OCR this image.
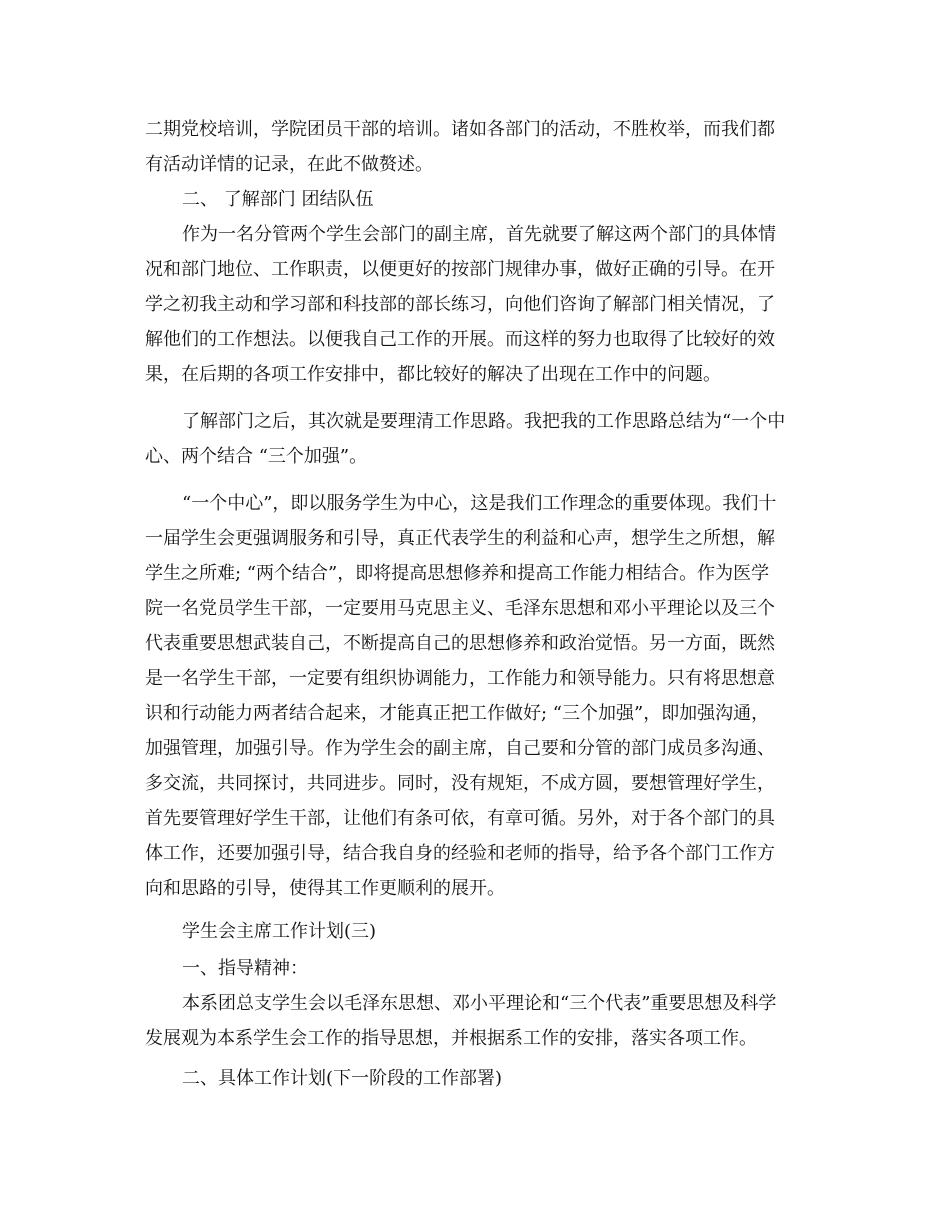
二期党校培训，学院团员干部的培训。诸如各部门的活动，不胜枚举，而我们都
有活动详情的记录，在此不做赘述。
二、 了解部门 团结队伍
作为一名分管两个学生会部门的副主席，首先就要了解这两个部门的具体情
况和部门地位、工作职责，以便更好的按部门规律办事，做好正确的引导。在开
学之初我主动和学习部和科技部的部长练习，向他们咨询了解部门相关情况，了
解他们的工作想法。以便我自己工作的开展。而这样的努力也取得了比较好的效
果，在后期的各项工作安排中，都比较好的解决了出现在工作中的问题。
了解部门之后，其次就是要理清工作思路。我把我的工作思路总结为“一个中
心、两个结合 “三个加强”。
“一个中心”，即以服务学生为中心，这是我们工作理念的重要体现。我们十
一届学生会更强调服务和引导，真正代表学生的利益和心声，想学生之所想，解
学生之所难; “两个结合”，即将提高思想修养和提高工作能力相结合。作为医学
院一名党员学生干部，一定要用马克思主义、毛泽东思想和邓小平理论以及三个
代表重要思想武装自己，不断提高自己的思想修养和政治觉悟。另一方面，既然
是一名学生干部，一定要有组织协调能力，工作能力和领导能力。只有将思想意
识和行动能力两者结合起来，才能真正把工作做好; “三个加强”，即加强沟通，
加强管理，加强引导。作为学生会的副主席，自己要和分管的部门成员多沟通、
多交流，共同探讨，共同进步。同时，没有规矩，不成方圆，要想管理好学生，
首先要管理好学生干部，让他们有条可依，有章可循。另外，对于各个部门的具
体工作，还要加强引导，结合我自身的经验和老师的指导，给予各个部门工作方
向和思路的引导，使得其工作更顺利的展开。
学生会主席工作计划(三)
一、指导精神：
本系团总支学生会以毛泽东思想、邓小平理论和“三个代表”重要思想及科学
发展观为本系学生会工作的指导思想，并根据系工作的安排，落实各项工作。
二、具体工作计划(下一阶段的工作部署)
